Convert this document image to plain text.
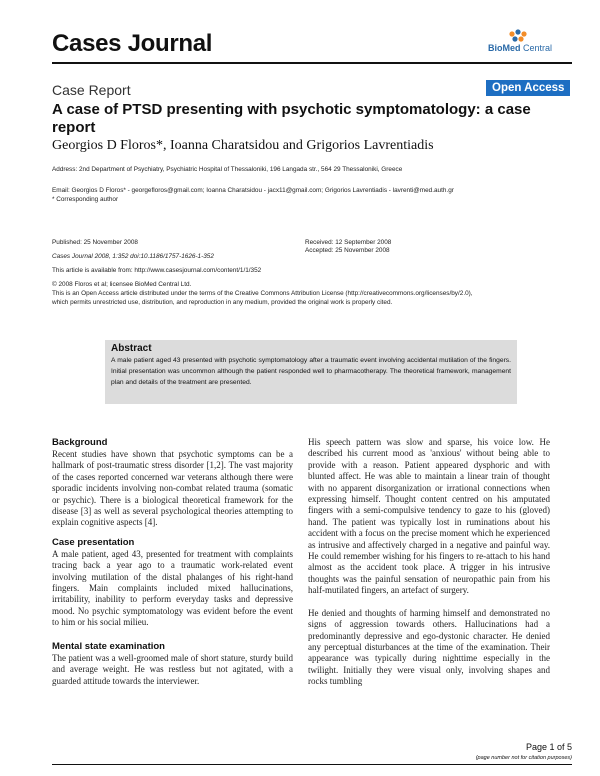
Cases Journal	BioMed Central
Case Report	Open Access
A case of PTSD presenting with psychotic symptomatology: a case report
Georgios D Floros*, Ioanna Charatsidou and Grigorios Lavrentiadis
Address: 2nd Department of Psychiatry, Psychiatric Hospital of Thessaloniki, 196 Langada str., 564 29 Thessaloniki, Greece
Email: Georgios D Floros* - georgefloros@gmail.com; Ioanna Charatsidou - jacx11@gmail.com; Grigorios Lavrentiadis - lavrenti@med.auth.gr
* Corresponding author
Published: 25 November 2008
Cases Journal 2008, 1:352 doi:10.1186/1757-1626-1-352
Received: 12 September 2008
Accepted: 25 November 2008
This article is available from: http://www.casesjournal.com/content/1/1/352
© 2008 Floros et al; licensee BioMed Central Ltd.
This is an Open Access article distributed under the terms of the Creative Commons Attribution License (http://creativecommons.org/licenses/by/2.0),
which permits unrestricted use, distribution, and reproduction in any medium, provided the original work is properly cited.
Abstract

A male patient aged 43 presented with psychotic symptomatology after a traumatic event involving accidental mutilation of the fingers. Initial presentation was uncommon although the patient responded well to pharmacotherapy. The theoretical framework, management plan and details of the treatment are presented.

Background

Recent studies have shown that psychotic symptoms can be a hallmark of post-traumatic stress disorder [1,2]. The vast majority of the cases reported concerned war veterans although there were sporadic incidents involving non-combat related trauma (somatic or psychic). There is a biological theoretical framework for the disease [3] as well as several psychological theories attempting to explain cognitive aspects [4].

Case presentation

A male patient, aged 43, presented for treatment with complaints tracing back a year ago to a traumatic work-related event involving mutilation of the distal phalanges of his right-hand fingers. Main complaints included mixed hallucinations, irritability, inability to perform everyday tasks and depressive mood. No psychic symptomatology was evident before the event to him or his social milieu.

Mental state examination

The patient was a well-groomed male of short stature, sturdy build and average weight. He was restless but not agitated, with a guarded attitude towards the interviewer.

His speech pattern was slow and sparse, his voice low. He described his current mood as 'anxious' without being able to provide with a reason. Patient appeared dysphoric and with blunted affect. He was able to maintain a linear train of thought with no apparent disorganization or irrational connections when expressing himself. Thought content centred on his amputated fingers with a semi-compulsive tendency to gaze to his (gloved) hand. The patient was typically lost in ruminations about his accident with a focus on the precise moment which he experienced as intrusive and affectively charged in a negative and painful way. He could remember wishing for his fingers to re-attach to his hand almost as the accident took place. A trigger in his intrusive thoughts was the painful sensation of neuropathic pain from his half-mutilated fingers, an artefact of surgery.

He denied and thoughts of harming himself and demonstrated no signs of aggression towards others. Hallucinations had a predominantly depressive and ego-dystonic character. He denied any perceptual disturbances at the time of the examination. Their appearance was typically during nighttime especially in the twilight. Initially they were visual only, involving shapes and rocks tumbling

Page 1 of 5
(page number not for citation purposes)
